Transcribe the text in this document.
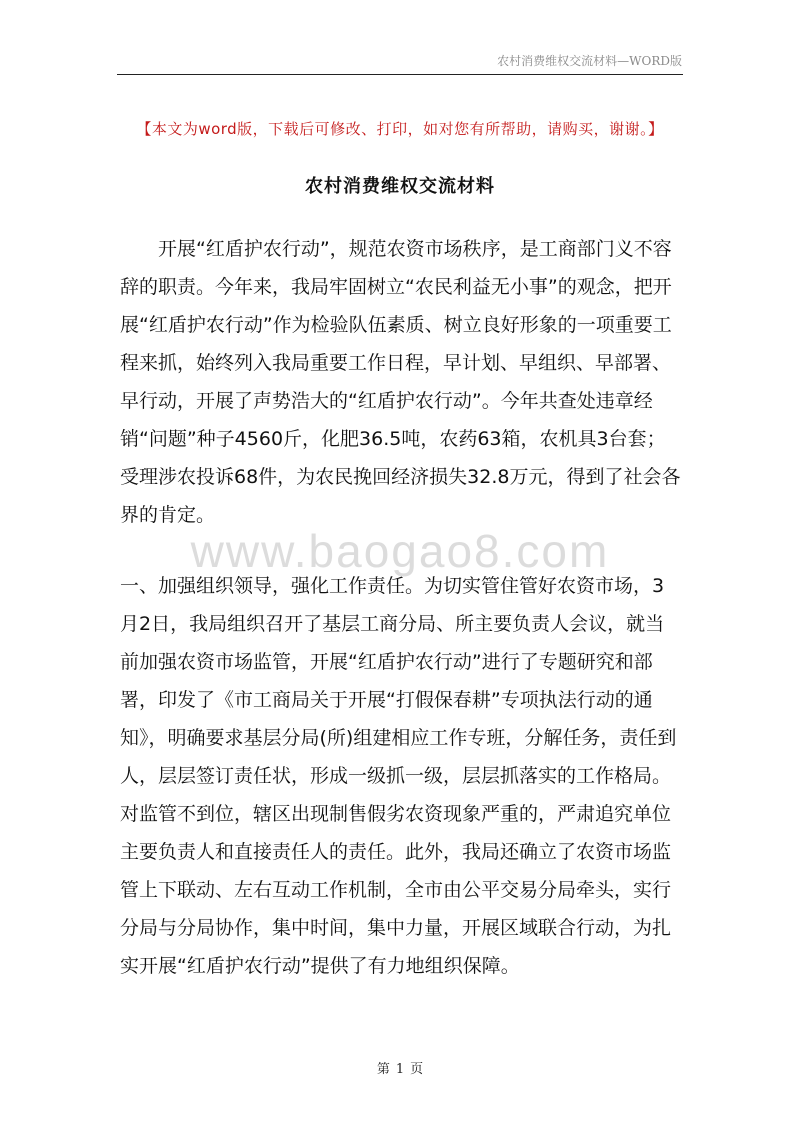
农村消费维权交流材料—WORD版
【本文为word版，下载后可修改、打印，如对您有所帮助，请购买，谢谢。】
农村消费维权交流材料

开展“红盾护农行动”，规范农资市场秩序，是工商部门义不容辞的职责。今年来，我局牢固树立“农民利益无小事”的观念，把开展“红盾护农行动”作为检验队伍素质、树立良好形象的一项重要工程来抓，始终列入我局重要工作日程，早计划、早组织、早部署、早行动，开展了声势浩大的“红盾护农行动”。今年共查处违章经销“问题”种子4560斤，化肥36.5吨，农药63箱，农机具3台套；受理涉农投诉68件，为农民挽回经济损失32.8万元，得到了社会各界的肯定。

www.baogao8.com

一、加强组织领导，强化工作责任。为切实管住管好农资市场，3月2日，我局组织召开了基层工商分局、所主要负责人会议，就当前加强农资市场监管，开展“红盾护农行动”进行了专题研究和部署，印发了《市工商局关于开展“打假保春耕”专项执法行动的通知》，明确要求基层分局(所)组建相应工作专班，分解任务，责任到人，层层签订责任状，形成一级抓一级，层层抓落实的工作格局。对监管不到位，辖区出现制售假劣农资现象严重的，严肃追究单位主要负责人和直接责任人的责任。此外，我局还确立了农资市场监管上下联动、左右互动工作机制，全市由公平交易分局牵头，实行分局与分局协作，集中时间，集中力量，开展区域联合行动，为扎实开展“红盾护农行动”提供了有力地组织保障。

第 1 页
